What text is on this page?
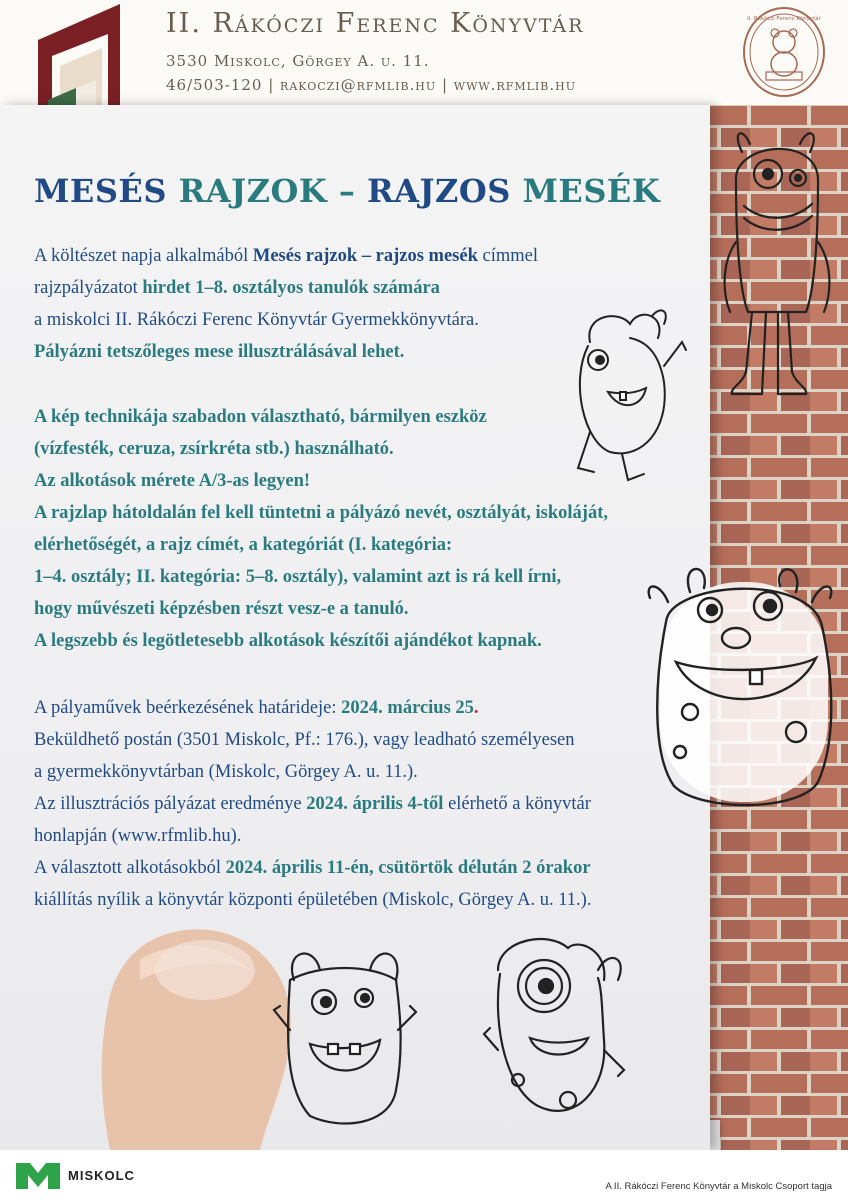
II. Rákóczi Ferenc Könyvtár
3530 Miskolc, Görgey A. u. 11.
46/503-120 | rakoczi@rfmlib.hu | www.rfmlib.hu
II. Rákóczi Ferenc Könyvtár
MESÉS RAJZOK – RAJZOS MESÉK
A költészet napja alkalmából Mesés rajzok – rajzos mesék címmel
rajzpályázatot hirdet 1–8. osztályos tanulók számára
a miskolci II. Rákóczi Ferenc Könyvtár Gyermekkönyvtára.
Pályázni tetszőleges mese illusztrálásával lehet.
A kép technikája szabadon választható, bármilyen eszköz
(vízfesték, ceruza, zsírkréta stb.) használható.
Az alkotások mérete A/3-as legyen!
A rajzlap hátoldalán fel kell tüntetni a pályázó nevét, osztályát, iskoláját,
elérhetőségét, a rajz címét, a kategóriát (I. kategória:
1–4. osztály; II. kategória: 5–8. osztály), valamint azt is rá kell írni,
hogy művészeti képzésben részt vesz-e a tanuló.
A legszebb és legötletesebb alkotások készítői ajándékot kapnak.
A pályaművek beérkezésének határideje: 2024. március 25.
Beküldhető postán (3501 Miskolc, Pf.: 176.), vagy leadható személyesen
a gyermekkönyvtárban (Miskolc, Görgey A. u. 11.).
Az illusztrációs pályázat eredménye 2024. április 4-től elérhető a könyvtár
honlapján (www.rfmlib.hu).
A választott alkotásokból 2024. április 11-én, csütörtök délután 2 órakor
kiállítás nyílik a könyvtár központi épületében (Miskolc, Görgey A. u. 11.).
MISKOLC
A II. Rákóczi Ferenc Könyvtár a Miskolc Csoport tagja
